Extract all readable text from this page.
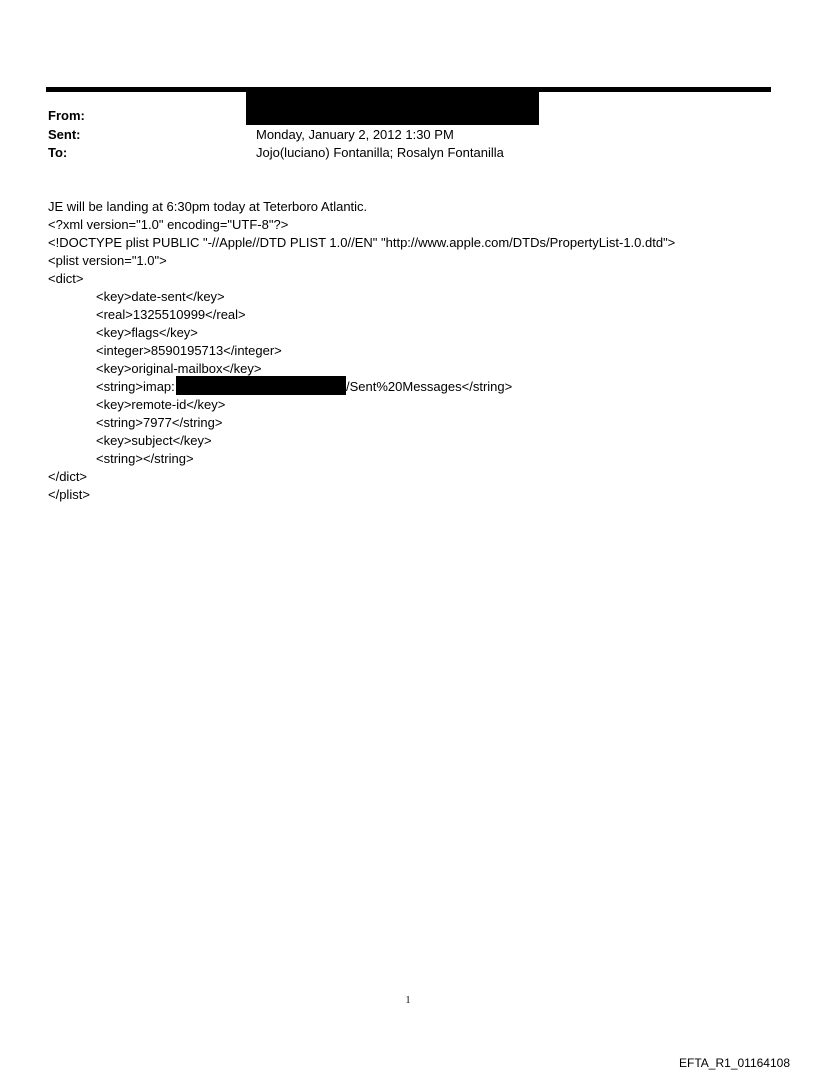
From:
Sent:
To:
Monday, January 2, 2012 1:30 PM
Jojo(luciano) Fontanilla; Rosalyn Fontanilla
JE will be landing at 6:30pm today at Teterboro Atlantic.
<?xml version="1.0" encoding="UTF-8"?>
<!DOCTYPE plist PUBLIC "-//Apple//DTD PLIST 1.0//EN" "http://www.apple.com/DTDs/PropertyList-1.0.dtd">
<plist version="1.0">
<dict>
<key>date-sent</key>
<real>1325510999</real>
<key>flags</key>
<integer>8590195713</integer>
<key>original-mailbox</key>
<string>imap:	/Sent%20Messages</string>
<key>remote-id</key>
<string>7977</string>
<key>subject</key>
<string></string>
</dict>
</plist>
1
EFTA_R1_01164108
